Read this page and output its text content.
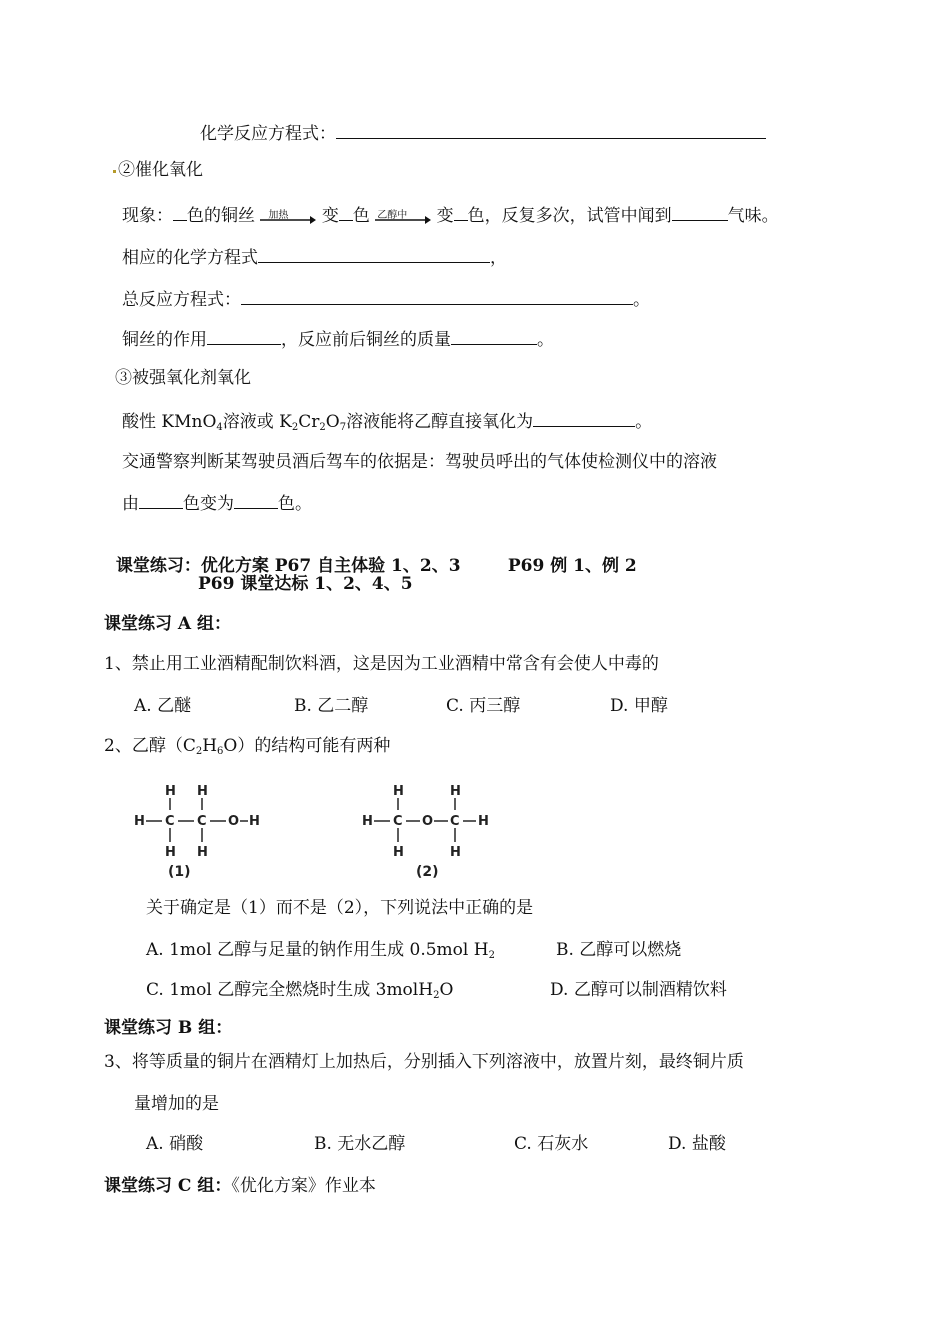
化学反应方程式：
②催化氧化
现象： 色的铜丝 加热 变 色 乙醇中 变 色，反复多次，试管中闻到	气味。
相应的化学方程式	，
总反应方程式：	。
铜丝的作用	，反应前后铜丝的质量	。
③被强氧化剂氧化
酸性 KMnO$_4$溶液或 $K_2Cr_2O_7$溶液能将乙醇直接氧化为	。
交通警察判断某驾驶员酒后驾车的依据是：驾驶员呼出的气体使检测仪中的溶液
由	色变为	色。

课堂练习：优化方案 P67 自主体验 1、2、3        P69 例 1、例 2

P69 课堂达标 1、2、4、5
课堂练习 A 组：
1、禁止用工业酒精配制饮料酒，这是因为工业酒精中常含有会使人中毒的
A. 乙醚	B. 乙二醇	C. 丙三醇	D. 甲醇
2、乙醇$(C_2H_6O)$的结构可能有两种
H C
H
H
C
H
H
O H
(1)
H C
H
H
O C
H
H
H
(2)
关于确定是（1）而不是（2），下列说法中正确的是
A. 1mol 乙醇与足量的钠作用生成 0.5mol $H_2$	B. 乙醇可以燃烧
C. 1mol 乙醇完全燃烧时生成 3molH$_2$O	D. 乙醇可以制酒精饮料
课堂练习 B 组：
3、将等质量的铜片在酒精灯上加热后，分别插入下列溶液中，放置片刻，最终铜片质
量增加的是
A. 硝酸	B. 无水乙醇	C. 石灰水	D. 盐酸
课堂练习 C 组：《优化方案》作业本
